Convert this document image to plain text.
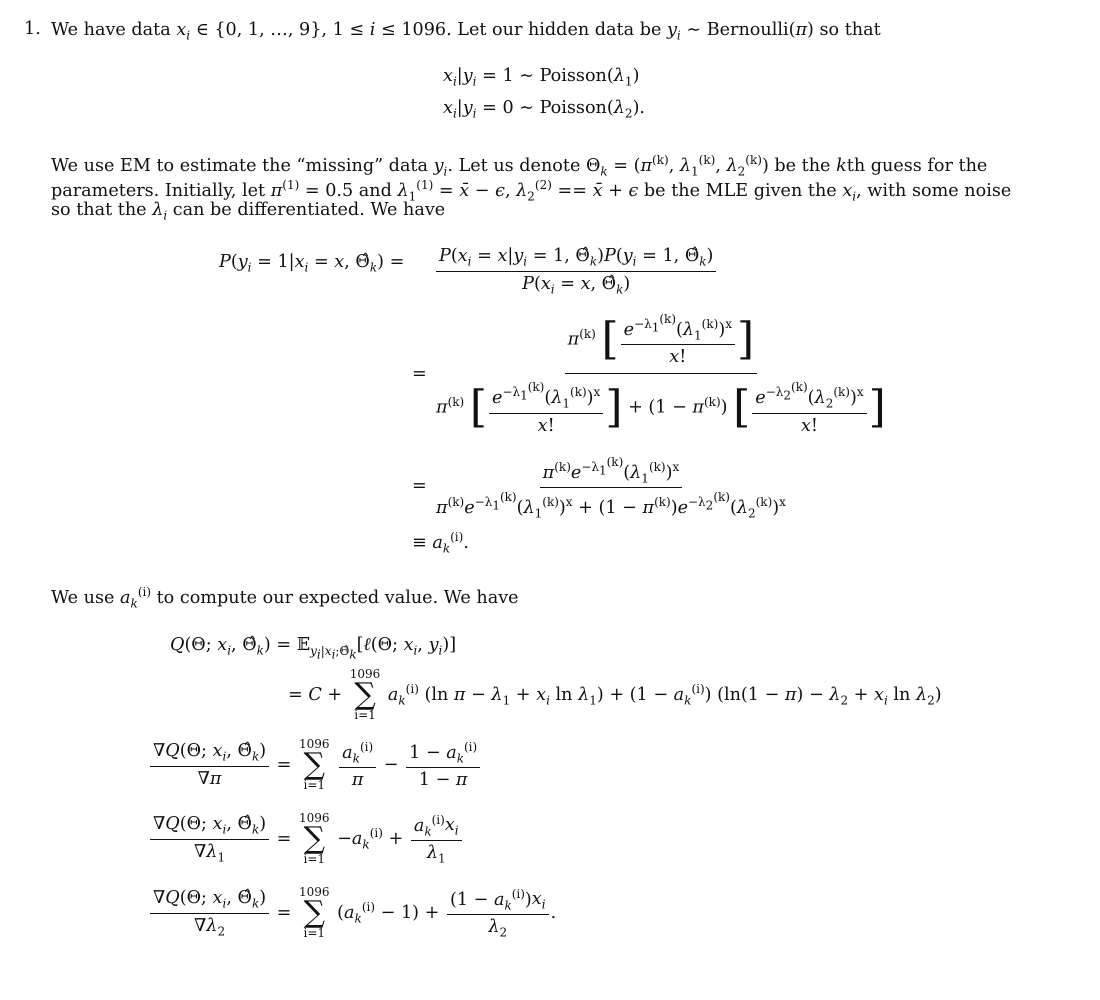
1. We have data $x_i$ ∈ {0, 1, …, 9}, 1 ≤ i ≤ 1096. Let our hidden data be $y_i$ ∼ Bernoulli(π) so that
$x_i|y_i = 1$ ∼ $Poisson(\lambda_1)$
$x_i|y_i = 0$ ∼ $Poisson(\lambda_2)$.
We use EM to estimate the “missing” data $y_i$. Let us denote $\Theta_k = (\pi^{(k)}$, $\lambda_1^{(k)}$, $\lambda_2^{(k)}$) be the kth guess for the
parameters. Initially, let $\pi^{(1)} = 0.5$ and $\lambda_1^{(1)}$ = x̄ − ϵ, $\lambda_2^{(2)}$ == x̄ + ϵ be the MLE given the $x_i$, with some noise
so that the $\lambda_i$ can be differentiated. We have
$P(y_i = 1|x_i = x$, $\Thetâ_k) = \frac{P(x_i = x|y_i = 1, \Thetâ_k)P(y_i = 1, \Thetâ_k)}{P(x_i = x, \Thetâ_k)}$
=
$\pi^{(k)}$ [ $\frac{e^{-\lambda_1^{(k)}}(\lambda_1^{(k)})^x}{x!}$ ]
$\pi^{(k)}$ [ $\frac{e^{-\lambda_1^{(k)}}(\lambda_1^{(k)})^x}{x!}$ ] + $(1 - \pi^{(k)})$ [ $\frac{e^{-\lambda_2^{(k)}}(\lambda_2^{(k)})^x}{x!}$ ]
= $\frac{\pi^{(k)}e^{-\lambda_1^{(k)}}(\lambda_1^{(k)})^x}{\pi^{(k)}e^{-\lambda_1^{(k)}}(\lambda_1^{(k)})^x + (1 - \pi^{(k)})e^{-\lambda_2^{(k)}}(\lambda_2^{(k)})^x}$
≡ $a_k^{(i)}$.
We use $a_k^{(i)}$ to compute our expected value. We have
Q(Θ; $x_i$, $\Thetâ_k$) = 𝔼$_{y_i|x_i;\Thetâ_k}$[ℓ(Θ; $x_i$, $y_i$)]
= C +
1096
∑
i=1
$a_k^{(i)}$ (ln $\pi - \lambda_1 + x_i$ $\ln \lambda_1) + (1 - a_k^{(i)})$ ($\ln(1 - \pi) - \lambda_2 + x_i$ $\ln \lambda_2$)
$\frac{\nabla Q(\Theta; x_i, \Thetâ_k)}{\nabla\pi}$ =
1096
∑
i=1
$\frac{a_k^{(i)}}{\pi} - \frac{1 - a_k^{(i)}}{1 - \pi}$
$\frac{\nabla Q(\Theta; x_i, \Thetâ_k)}{\nabla\lambda_1}$ =
1096
∑
i=1
$-a_k^{(i)} + \frac{a_k^{(i)}x_i}{\lambda_1}$
$\frac{\nabla Q(\Theta; x_i, \Thetâ_k)}{\nabla\lambda_2}$ =
1096
∑
i=1
$(a_k^{(i)} - 1) + \frac{(1 - a_k^{(i)})x_i}{\lambda_2}$ .
